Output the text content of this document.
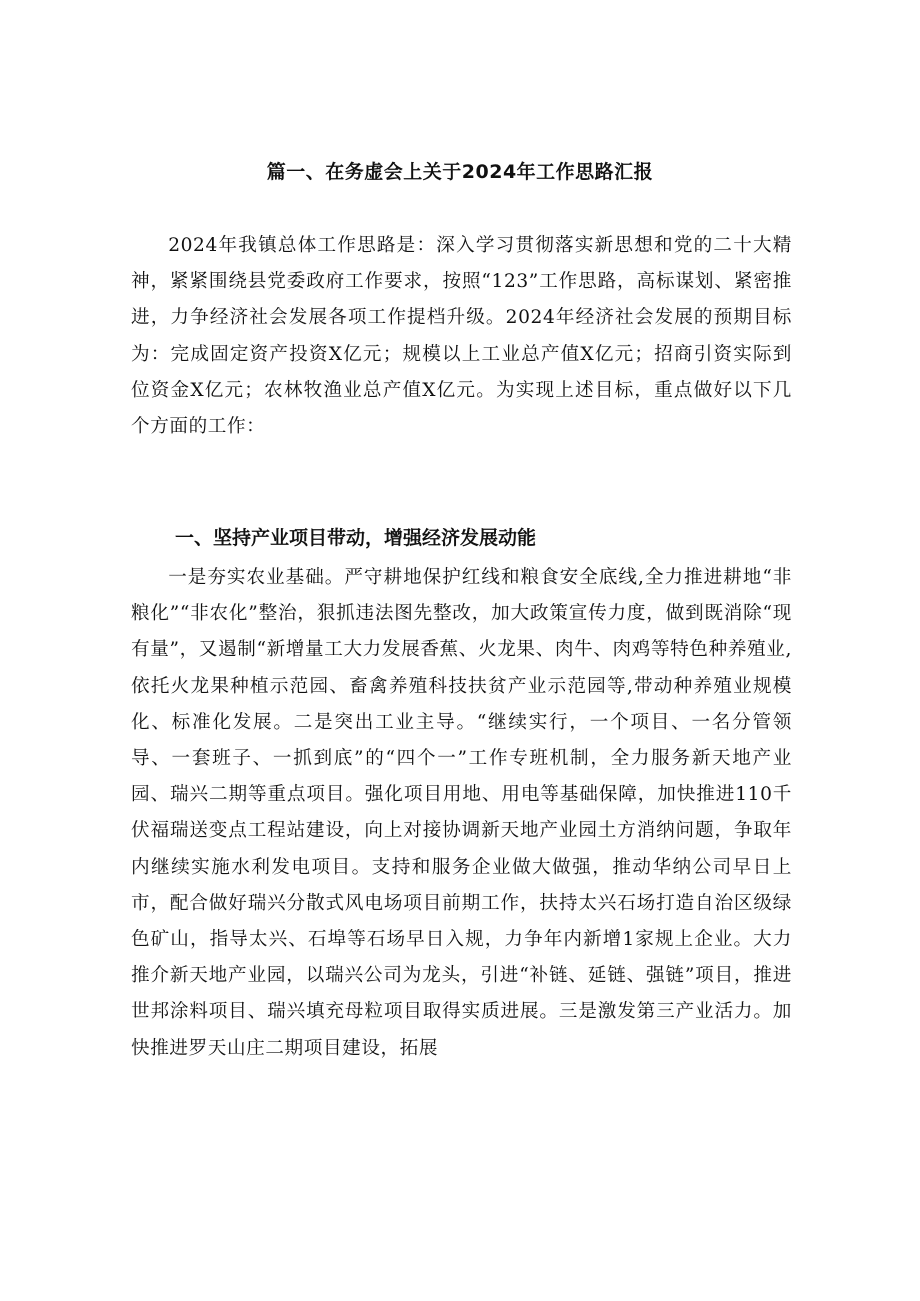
篇一、在务虚会上关于2024年工作思路汇报
2024年我镇总体工作思路是：深入学习贯彻落实新思想和党的二十大精神，紧紧围绕县党委政府工作要求，按照“123”工作思路，高标谋划、紧密推进，力争经济社会发展各项工作提档升级。2024年经济社会发展的预期目标为：完成固定资产投资X亿元；规模以上工业总产值X亿元；招商引资实际到位资金X亿元；农林牧渔业总产值X亿元。为实现上述目标，重点做好以下几个方面的工作：
一、坚持产业项目带动，增强经济发展动能
一是夯实农业基础。严守耕地保护红线和粮食安全底线,全力推进耕地“非粮化”“非农化”整治，狠抓违法图先整改，加大政策宣传力度，做到既消除“现有量”，又遏制“新增量工大力发展香蕉、火龙果、肉牛、肉鸡等特色种养殖业,依托火龙果种植示范园、畜禽养殖科技扶贫产业示范园等,带动种养殖业规模化、标准化发展。二是突出工业主导。“继续实行，一个项目、一名分管领导、一套班子、一抓到底”的“四个一”工作专班机制，全力服务新天地产业园、瑞兴二期等重点项目。强化项目用地、用电等基础保障，加快推进110千伏福瑞送变点工程站建设，向上对接协调新天地产业园土方消纳问题，争取年内继续实施水利发电项目。支持和服务企业做大做强，推动华纳公司早日上市，配合做好瑞兴分散式风电场项目前期工作，扶持太兴石场打造自治区级绿色矿山，指导太兴、石埠等石场早日入规，力争年内新增1家规上企业。大力推介新天地产业园，以瑞兴公司为龙头，引进“补链、延链、强链”项目，推进世邦涂料项目、瑞兴填充母粒项目取得实质进展。三是激发第三产业活力。加快推进罗天山庄二期项目建设，拓展
